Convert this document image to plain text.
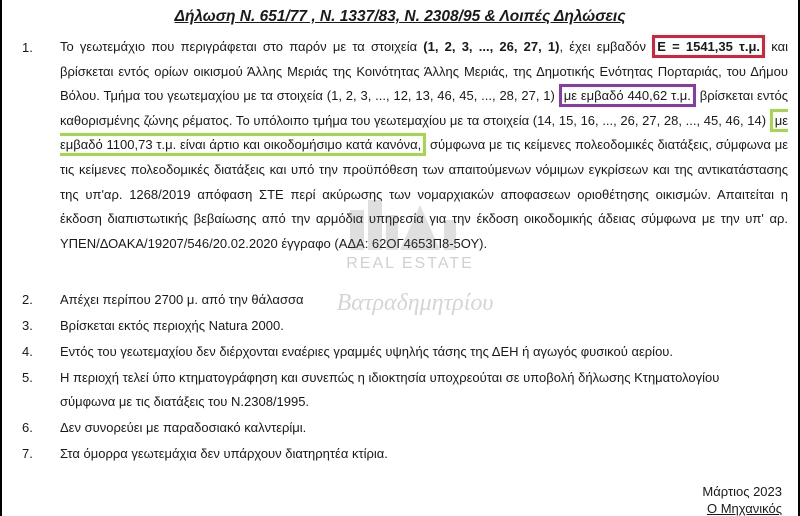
Δήλωση Ν. 651/77 , Ν. 1337/83, Ν. 2308/95 & Λοιπές Δηλώσεις
1. Το γεωτεμάχιο που περιγράφεται στο παρόν με τα στοιχεία (1, 2, 3, ..., 26, 27, 1), έχει εμβαδόν Ε = 1541,35 τ.μ. και βρίσκεται εντός ορίων οικισμού Άλλης Μεριάς της Κοινότητας Άλλης Μεριάς, της Δημοτικής Ενότητας Πορταριάς, του Δήμου Βόλου. Τμήμα του γεωτεμαχίου με τα στοιχεία (1, 2, 3, ..., 12, 13, 46, 45, ..., 28, 27, 1) με εμβαδό 440,62 τ.μ. βρίσκεται εντός καθορισμένης ζώνης ρέματος. Το υπόλοιπο τμήμα του γεωτεμαχίου με τα στοιχεία (14, 15, 16, ..., 26, 27, 28, ..., 45, 46, 14) με εμβαδό 1100,73 τ.μ. είναι άρτιο και οικοδομήσιμο κατά κανόνα, σύμφωνα με τις κείμενες πολεοδομικές διατάξεις, σύμφωνα με τις κείμενες πολεοδομικές διατάξεις και υπό την προϋπόθεση των απαιτούμενων νόμιμων εγκρίσεων και της αντικατάστασης της υπ'αρ. 1268/2019 απόφαση ΣΤΕ περί ακύρωσης των νομαρχιακών αποφασεων οριοθέτησης οικισμών. Απαιτείται η έκδοση διαπιστωτικής βεβαίωσης από την αρμόδια υπηρεσία για την έκδοση οικοδομικής άδειας σύμφωνα με την υπ' αρ. ΥΠΕΝ/ΔΟΑΚΑ/19207/546/20.02.2020 έγγραφο (ΑΔΑ: 62ΟΓ4653Π8-5ΟΥ).
REAL ESTATE
Βατραδημητρίου
2. Απέχει περίπου 2700 μ. από την θάλασσα
3. Βρίσκεται εκτός περιοχής Natura 2000.
4. Εντός του γεωτεμαχίου δεν διέρχονται εναέριες γραμμές υψηλής τάσης της ΔΕΗ ή αγωγός φυσικού αερίου.
5. Η περιοχή τελεί ύπο κτηματογράφηση και συνεπώς η ιδιοκτησία υποχρεούται σε υποβολή δήλωσης Κτηματολογίου
σύμφωνα με τις διατάξεις του Ν.2308/1995.
6. Δεν συνορεύει με παραδοσιακό καλντερίμι.
7. Στα όμορρα γεωτεμάχια δεν υπάρχουν διατηρητέα κτίρια.
Μάρτιος 2023
Ο Μηχανικός
